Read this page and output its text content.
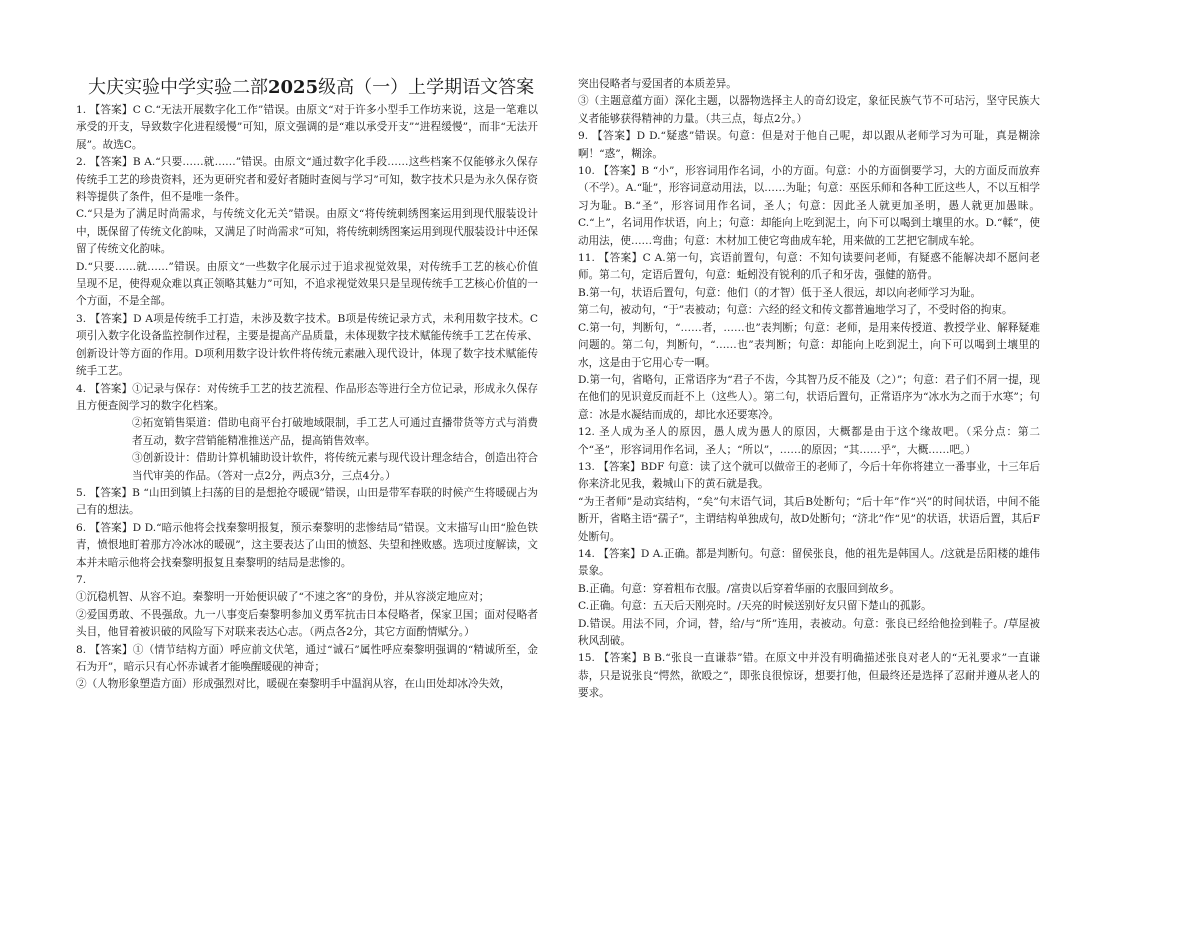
大庆实验中学实验二部2025级高（一）上学期语文答案

1. 【答案】C C.“无法开展数字化工作”错误。由原文“对于许多小型手工作坊来说，这是一笔难以承受的开支，导致数字化进程缓慢”可知，原文强调的是“难以承受开支”“进程缓慢”，而非“无法开展”。故选C。

2. 【答案】B A.“只要……就……”错误。由原文“通过数字化手段……这些档案不仅能够永久保存传统手工艺的珍贵资料，还为更研究者和爱好者随时查阅与学习”可知，数字技术只是为永久保存资料等提供了条件，但不是唯一条件。

C.“只是为了满足时尚需求，与传统文化无关”错误。由原文“将传统刺绣图案运用到现代服装设计中，既保留了传统文化韵味，又满足了时尚需求”可知，将传统刺绣图案运用到现代服装设计中还保留了传统文化韵味。

D.“只要……就……”错误。由原文“一些数字化展示过于追求视觉效果，对传统手工艺的核心价值呈现不足，使得观众难以真正领略其魅力”可知，不追求视觉效果只是呈现传统手工艺核心价值的一个方面，不是全部。

3. 【答案】D A项是传统手工打造，未涉及数字技术。B项是传统记录方式，未利用数字技术。C项引入数字化设备监控制作过程，主要是提高产品质量，未体现数字技术赋能传统手工艺在传承、创新设计等方面的作用。D项利用数字设计软件将传统元素融入现代设计，体现了数字技术赋能传统手工艺。

4. 【答案】①记录与保存：对传统手工艺的技艺流程、作品形态等进行全方位记录，形成永久保存且方便查阅学习的数字化档案。

②拓宽销售渠道：借助电商平台打破地域限制，手工艺人可通过直播带货等方式与消费者互动，数字营销能精准推送产品，提高销售效率。

③创新设计：借助计算机辅助设计软件，将传统元素与现代设计理念结合，创造出符合当代审美的作品。（答对一点2分，两点3分，三点4分。）

5. 【答案】B “山田到镇上扫荡的目的是想抢夺暖砚”错误，山田是带军春联的时候产生将暖砚占为己有的想法。

6. 【答案】D D.“暗示他将会找秦黎明报复，预示秦黎明的悲惨结局”错误。文末描写山田“脸色铁青，愤恨地盯着那方冷冰冰的暖砚”，这主要表达了山田的愤怒、失望和挫败感。选项过度解读，文本并未暗示他将会找秦黎明报复且秦黎明的结局是悲惨的。

7.

①沉稳机智、从容不迫。秦黎明一开始便识破了“不速之客”的身份，并从容淡定地应对；

②爱国勇敢、不畏强敌。九一八事变后秦黎明参加义勇军抗击日本侵略者，保家卫国；面对侵略者头目，他冒着被识破的风险写下对联来表达心志。（两点各2分，其它方面酌情赋分。）

8. 【答案】①（情节结构方面）呼应前文伏笔，通过“诚石”属性呼应秦黎明强调的“精诚所至，金石为开”，暗示只有心怀赤诚者才能唤醒暖砚的神奇；

②（人物形象塑造方面）形成强烈对比，暖砚在秦黎明手中温润从容，在山田处却冰冷失效，

突出侵略者与爱国者的本质差异。

③（主题意蕴方面）深化主题，以器物选择主人的奇幻设定，象征民族气节不可玷污，坚守民族大义者能够获得精神的力量。（共三点，每点2分。）

9. 【答案】D D.“疑惑”错误。句意：但是对于他自己呢，却以跟从老师学习为可耻，真是糊涂啊！“惑”，糊涂。

10. 【答案】B “小”，形容词用作名词，小的方面。句意：小的方面倒要学习，大的方面反而放弃（不学）。A.“耻”，形容词意动用法，以……为耻；句意：巫医乐师和各种工匠这些人，不以互相学习为耻。B.“圣”，形容词用作名词，圣人；句意：因此圣人就更加圣明，愚人就更加愚昧。C.“上”，名词用作状语，向上；句意：却能向上吃到泥土，向下可以喝到土壤里的水。D.“輮”，使动用法，使……弯曲；句意：木材加工使它弯曲成车轮，用来做的工艺把它制成车轮。

11. 【答案】C A.第一句，宾语前置句，句意：不知句读要问老师，有疑惑不能解决却不愿问老师。第二句，定语后置句，句意：蚯蚓没有锐利的爪子和牙齿，强健的筋骨。

B.第一句，状语后置句，句意：他们（的才智）低于圣人很远，却以向老师学习为耻。

第二句，被动句，“于”表被动；句意：六经的经文和传文都普遍地学习了，不受时俗的拘束。

C.第一句，判断句，“……者，……也”表判断；句意：老师，是用来传授道、教授学业、解释疑难问题的。第二句，判断句，“……也”表判断；句意：却能向上吃到泥土，向下可以喝到土壤里的水，这是由于它用心专一啊。

D.第一句，省略句，正常语序为“君子不齿，今其智乃反不能及（之）”；句意：君子们不屑一提，现在他们的见识竟反而赶不上（这些人）。第二句，状语后置句，正常语序为“冰水为之而于水寒”；句意：冰是水凝结而成的，却比水还要寒冷。

12. 圣人成为圣人的原因，愚人成为愚人的原因，大概都是由于这个缘故吧。（采分点：第二个“圣”，形容词用作名词，圣人；“所以”，……的原因；“其……乎”，大概……吧。）

13. 【答案】BDF 句意：读了这个就可以做帝王的老师了，今后十年你将建立一番事业，十三年后你来济北见我，穀城山下的黄石就是我。

“为王者师”是动宾结构，“矣”句末语气词，其后B处断句；“后十年”作“兴”的时间状语，中间不能断开，省略主语“孺子”，主谓结构单独成句，故D处断句；“济北”作“见”的状语，状语后置，其后F处断句。

14. 【答案】D A.正确。都是判断句。句意：留侯张良，他的祖先是韩国人。/这就是岳阳楼的雄伟景象。

B.正确。句意：穿着粗布衣服。/富贵以后穿着华丽的衣服回到故乡。

C.正确。句意：五天后天刚亮时。/天亮的时候送别好友只留下楚山的孤影。

D.错误。用法不同，介词，替，给/与“所”连用，表被动。句意：张良已经给他捡到鞋子。/草屋被秋风刮破。

15. 【答案】B B.“张良一直谦恭”错。在原文中并没有明确描述张良对老人的“无礼要求”一直谦恭，只是说张良“愕然，欲殴之”，即张良很惊讶，想要打他，但最终还是选择了忍耐并遵从老人的要求。
